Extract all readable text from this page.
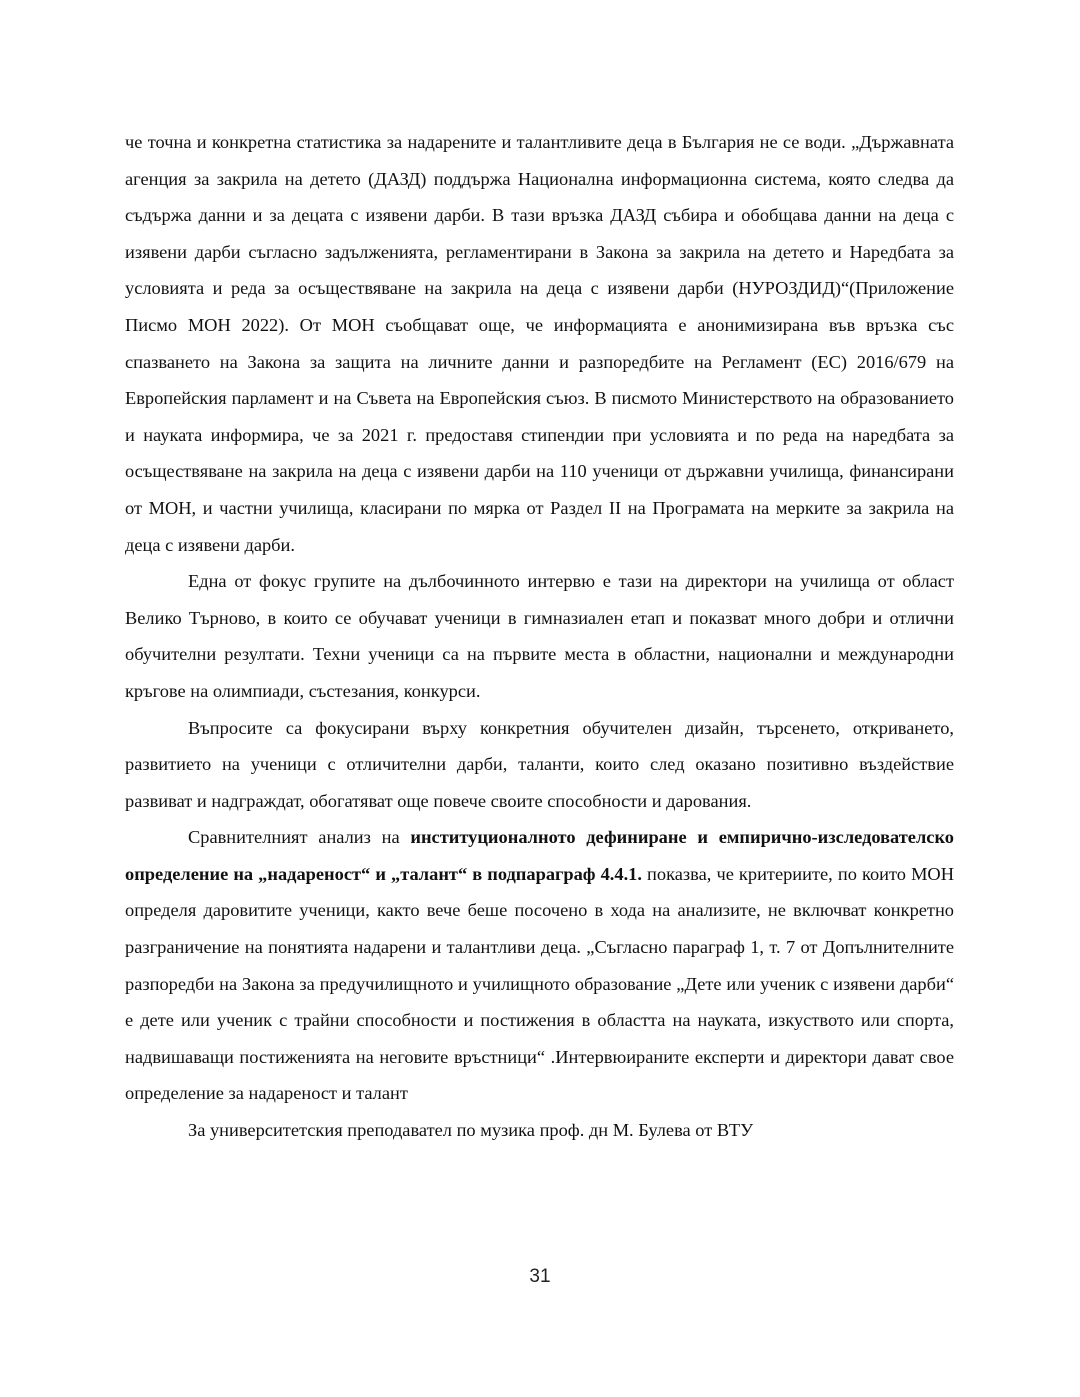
че точна и конкретна статистика за надарените и талантливите деца в България не се води. „Държавната агенция за закрила на детето (ДАЗД) поддържа Национална информационна система, която следва да съдържа данни и за децата с изявени дарби. В тази връзка ДАЗД събира и обобщава данни на деца с изявени дарби съгласно задълженията, регламентирани в Закона за закрила на детето и Наредбата за условията и реда за осъществяване на закрила на деца с изявени дарби (НУРОЗДИД)“(Приложение Писмо МОН 2022). От МОН съобщават още, че информацията е анонимизирана във връзка със спазването на Закона за защита на личните данни и разпоредбите на Регламент (ЕС) 2016/679 на Европейския парламент и на Съвета на Европейския съюз. В писмото Министерството на образованието и науката информира, че за 2021 г. предоставя стипендии при условията и по реда на наредбата за осъществяване на закрила на деца с изявени дарби на 110 ученици от държавни училища, финансирани от МОН, и частни училища, класирани по мярка от Раздел II на Програмата на мерките за закрила на деца с изявени дарби.

Една от фокус групите на дълбочинното интервю е тази на директори на училища от област Велико Търново, в които се обучават ученици в гимназиален етап и показват много добри и отлични обучителни резултати. Техни ученици са на първите места в областни, национални и международни кръгове на олимпиади, състезания, конкурси.

Въпросите са фокусирани върху конкретния обучителен дизайн, търсенето, откриването, развитието на ученици с отличителни дарби, таланти, които след оказано позитивно въздействие развиват и надграждат, обогатяват още повече своите способности и дарования.

Сравнителният анализ на институционалното дефиниране и емпирично-изследователско определение на „надареност“ и „талант“ в подпараграф 4.4.1. показва, че критериите, по които МОН определя даровитите ученици, както вече беше посочено в хода на анализите, не включват конкретно разграничение на понятията надарени и талантливи деца. „Съгласно параграф 1, т. 7 от Допълнителните разпоредби на Закона за предучилищното и училищното образование „Дете или ученик с изявени дарби“ е дете или ученик с трайни способности и постижения в областта на науката, изкуството или спорта, надвишаващи постиженията на неговите връстници“ .Интервюираните експерти и директори дават свое определение за надареност и талант

За университетския преподавател по музика проф. дн М. Булева от ВТУ

31
